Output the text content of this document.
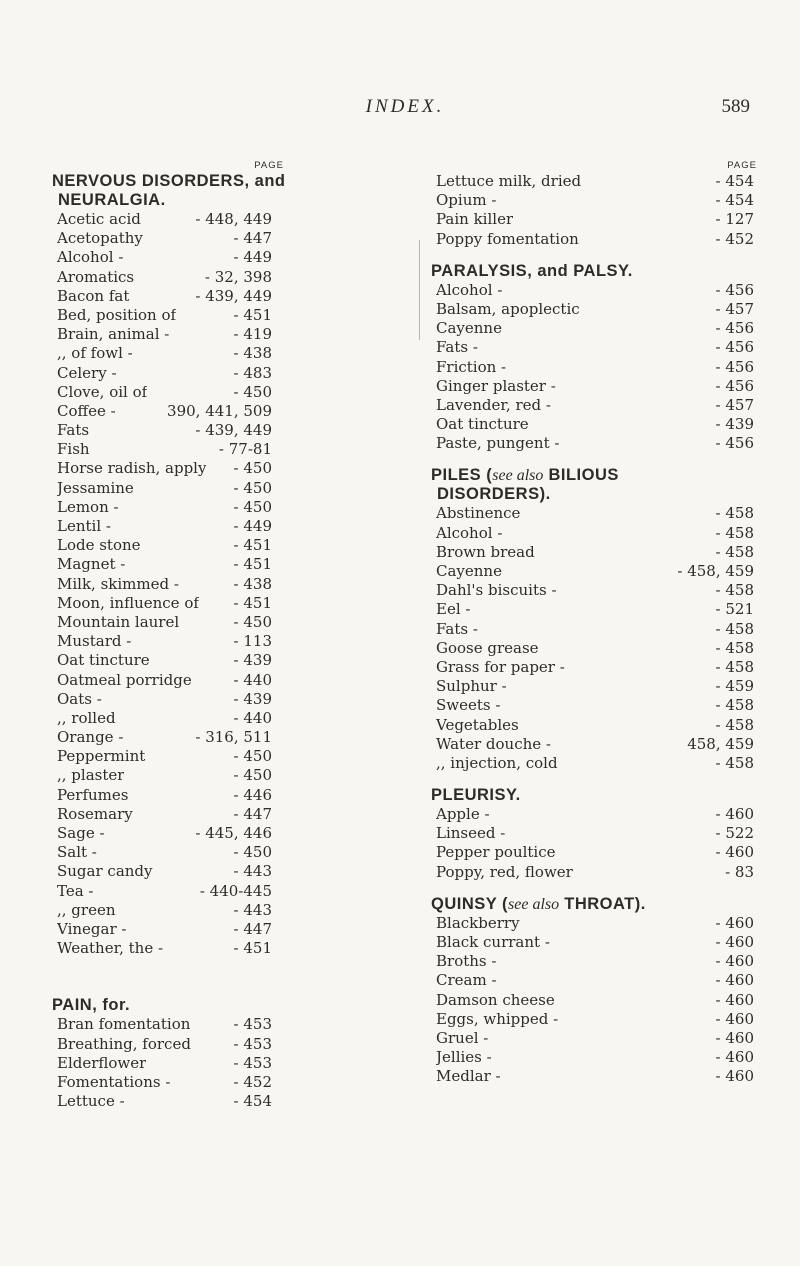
INDEX.	589
PAGE
NERVOUS DISORDERS, and
NEURALGIA.
Acetic acid	- 448, 449
Acetopathy	- 447
Alcohol -	- 449
Aromatics	- 32, 398
Bacon fat	- 439, 449
Bed, position of	- 451
Brain, animal -	- 419
,, of fowl -	- 438
Celery -	- 483
Clove, oil of	- 450
Coffee -	390, 441, 509
Fats	- 439, 449
Fish	- 77-81
Horse radish, apply - 450
Jessamine	- 450
Lemon -	- 450
Lentil -	- 449
Lode stone	- 451
Magnet -	- 451
Milk, skimmed -	- 438
Moon, influence of - 451
Mountain laurel	- 450
Mustard -	- 113
Oat tincture	- 439
Oatmeal porridge	- 440
Oats -	- 439
,, rolled	- 440
Orange -	- 316, 511
Peppermint	- 450
,, plaster	- 450
Perfumes	- 446
Rosemary	- 447
Sage -	- 445, 446
Salt -	- 450
Sugar candy	- 443
Tea -	- 440-445
,, green	- 443
Vinegar -	- 447
Weather, the -	- 451
PAIN, for.
Bran fomentation	- 453
Breathing, forced	- 453
Elderflower	- 453
Fomentations -	- 452
Lettuce -	- 454
PAGE
Lettuce milk, dried	- 454
Opium -	- 454
Pain killer	- 127
Poppy fomentation	- 452
PARALYSIS, and PALSY.
Alcohol -	- 456
Balsam, apoplectic	- 457
Cayenne	- 456
Fats -	- 456
Friction -	- 456
Ginger plaster -	- 456
Lavender, red -	- 457
Oat tincture	- 439
Paste, pungent -	- 456
PILES (see also BILIOUS
DISORDERS).
Abstinence	- 458
Alcohol -	- 458
Brown bread	- 458
Cayenne	- 458, 459
Dahl's biscuits -	- 458
Eel -	- 521
Fats -	- 458
Goose grease	- 458
Grass for paper -	- 458
Sulphur -	- 459
Sweets -	- 458
Vegetables	- 458
Water douche -	458, 459
,, injection, cold	- 458
PLEURISY.
Apple -	- 460
Linseed -	- 522
Pepper poultice	- 460
Poppy, red, flower	- 83
QUINSY (see also THROAT).
Blackberry	- 460
Black currant -	- 460
Broths -	- 460
Cream -	- 460
Damson cheese	- 460
Eggs, whipped -	- 460
Gruel -	- 460
Jellies -	- 460
Medlar -	- 460
